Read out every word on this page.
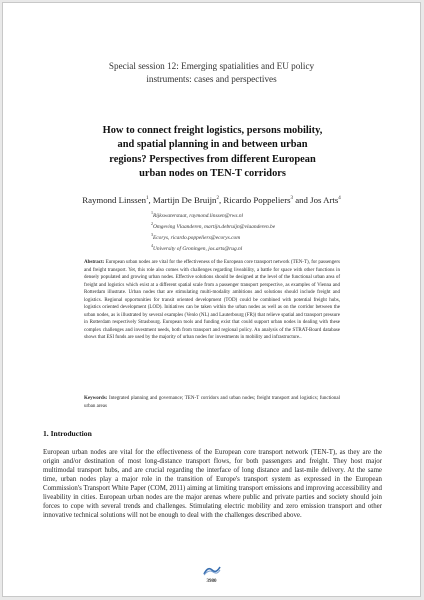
Special session 12: Emerging spatialities and EU policy
instruments: cases and perspectives
How to connect freight logistics, persons mobility,
and spatial planning in and between urban
regions? Perspectives from different European
urban nodes on TEN-T corridors
Raymond Linssen$^1$, Martijn De Bruijn$^2$, Ricardo Poppeliers$^3$ and Jos Arts$^4$
$^1$Rijkswaterstaat, raymond.linssen@rws.nl
$^2$Omgeving Vlaanderen, martijn.debruijn@vlaanderen.be
$^3$Ecorys, ricardo.poppeliers@ecorys.com
$^4$University of Groningen, jos.arts@rug.nl
Abstract: European urban nodes are vital for the effectiveness of the European core transport network (TEN-T), for passengers and freight transport. Yet, this role also comes with challenges regarding liveability, a battle for space with other functions in densely populated and growing urban nodes. Effective solutions should be designed at the level of the functional urban area of freight and logistics which exist at a different spatial scale from a passenger transport perspective, as examples of Vienna and Rotterdam illustrate. Urban nodes that are stimulating multi-modality ambitions and solutions should include freight and logistics. Regional opportunities for transit oriented development (TOD) could be combined with potential freight hubs, logistics oriented development (LOD). Initiatives can be taken within the urban nodes as well as on the corridor between the urban nodes, as is illustrated by several examples (Venlo (NL) and Lauterbourg (FR)) that relieve spatial and transport pressure in Rotterdam respectively Strasbourg. European tools and funding exist that could support urban nodes in dealing with these complex challenges and investment needs, both from transport and regional policy. An analysis of the STRAT-Board database shows that ESI funds are used by the majority of urban nodes for investments in mobility and infrastructure..
Keywords: Integrated planning and governance; TEN-T corridors and urban nodes; freight transport and logistics; functional urban areas
1. Introduction
European urban nodes are vital for the effectiveness of the European core transport network (TEN-T), as they are the origin and/or destination of most long-distance transport flows, for both passengers and freight. They host major multimodal transport hubs, and are crucial regarding the interface of long distance and last-mile delivery. At the same time, urban nodes play a major role in the transition of Europe's transport system as expressed in the European Commission's Transport White Paper (COM, 2011) aiming at limiting transport emissions and improving accessibility and liveability in cities. European urban nodes are the major arenas where public and private parties and society should join forces to cope with several trends and challenges. Stimulating electric mobility and zero emission transport and other innovative technical solutions will not be enough to deal with the challenges described above.
3980
